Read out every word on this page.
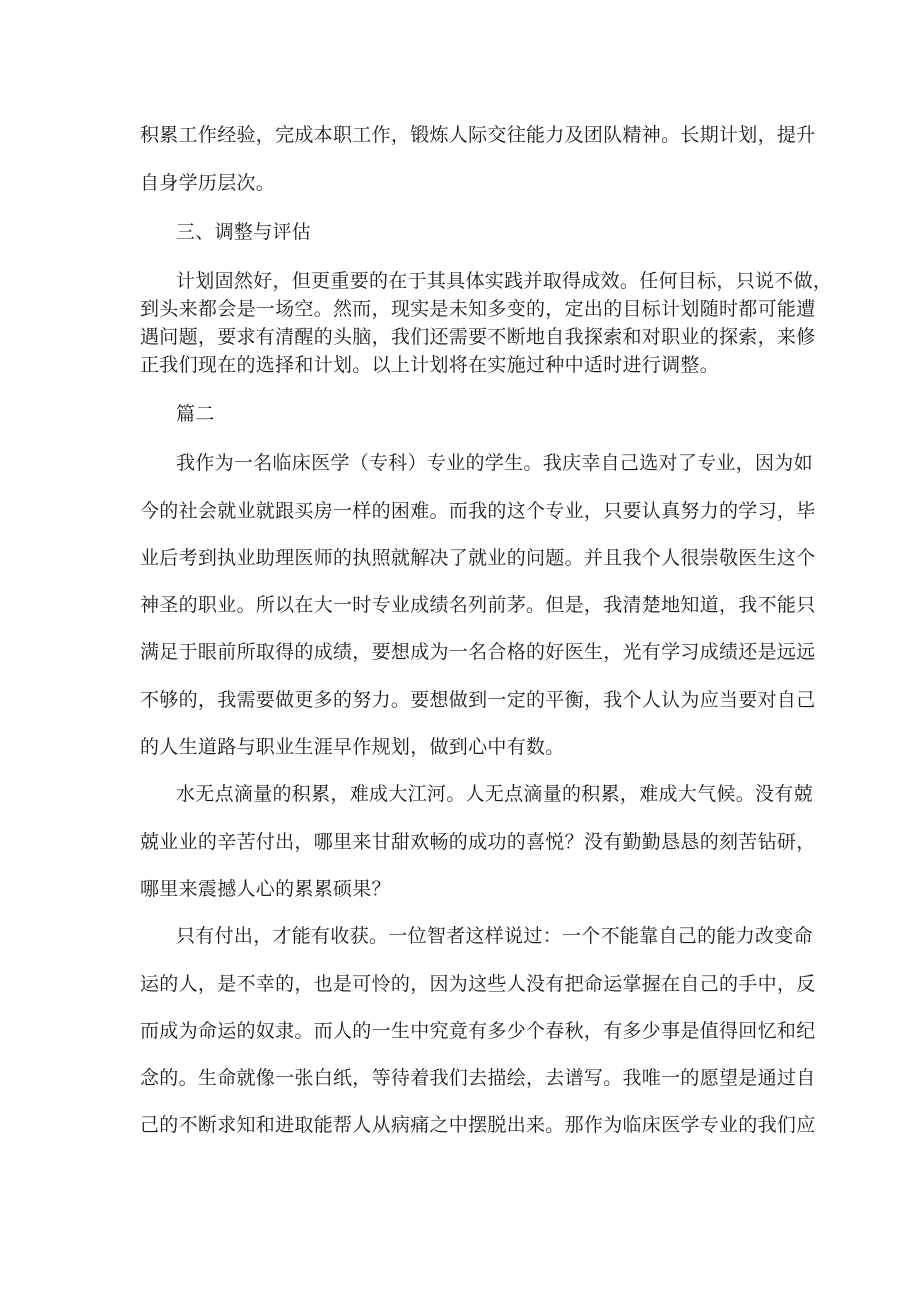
积累工作经验，完成本职工作，锻炼人际交往能力及团队精神。长期计划，提升
自身学历层次。
三、调整与评估
计划固然好，但更重要的在于其具体实践并取得成效。任何目标，只说不做，
到头来都会是一场空。然而，现实是未知多变的，定出的目标计划随时都可能遭
遇问题，要求有清醒的头脑，我们还需要不断地自我探索和对职业的探索，来修
正我们现在的选择和计划。以上计划将在实施过种中适时进行调整。
篇二
我作为一名临床医学（专科）专业的学生。我庆幸自己选对了专业，因为如
今的社会就业就跟买房一样的困难。而我的这个专业，只要认真努力的学习，毕
业后考到执业助理医师的执照就解决了就业的问题。并且我个人很崇敬医生这个
神圣的职业。所以在大一时专业成绩名列前茅。但是，我清楚地知道，我不能只
满足于眼前所取得的成绩，要想成为一名合格的好医生，光有学习成绩还是远远
不够的，我需要做更多的努力。要想做到一定的平衡，我个人认为应当要对自己
的人生道路与职业生涯早作规划，做到心中有数。
水无点滴量的积累，难成大江河。人无点滴量的积累，难成大气候。没有兢
兢业业的辛苦付出，哪里来甘甜欢畅的成功的喜悦？没有勤勤恳恳的刻苦钻研，
哪里来震撼人心的累累硕果？
只有付出，才能有收获。一位智者这样说过：一个不能靠自己的能力改变命
运的人，是不幸的，也是可怜的，因为这些人没有把命运掌握在自己的手中，反
而成为命运的奴隶。而人的一生中究竟有多少个春秋，有多少事是值得回忆和纪
念的。生命就像一张白纸，等待着我们去描绘，去谱写。我唯一的愿望是通过自
己的不断求知和进取能帮人从病痛之中摆脱出来。那作为临床医学专业的我们应
